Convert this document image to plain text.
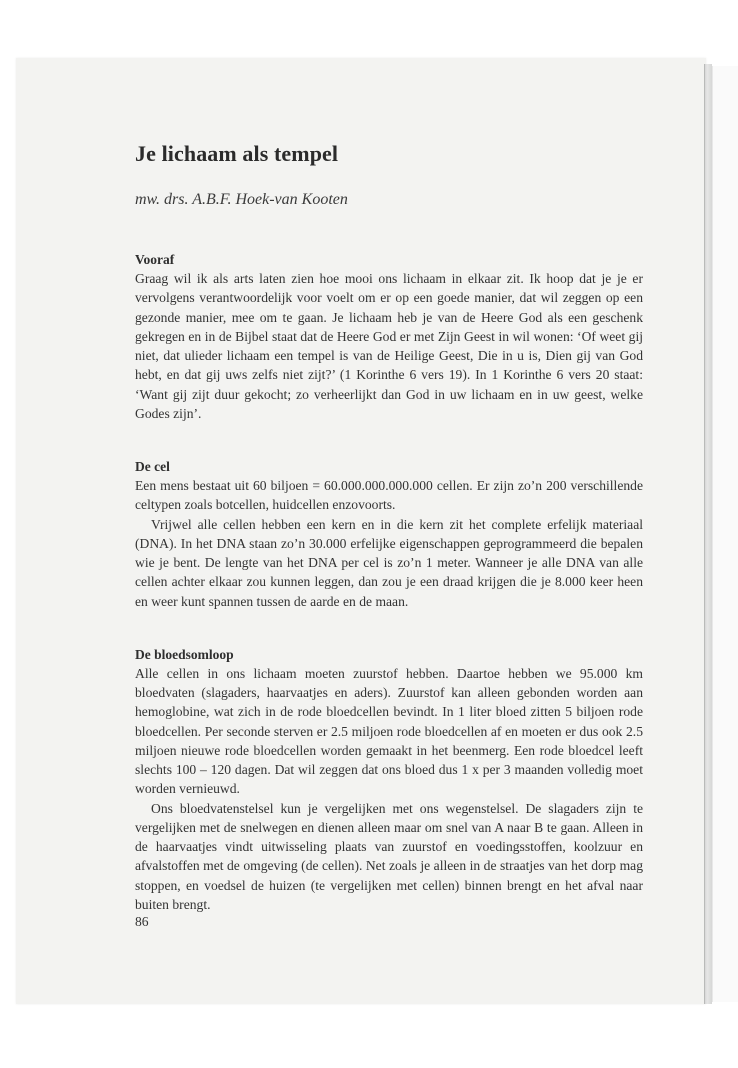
Je lichaam als tempel

mw. drs. A.B.F. Hoek-van Kooten

Vooraf

Graag wil ik als arts laten zien hoe mooi ons lichaam in elkaar zit. Ik hoop dat je je er vervolgens verantwoordelijk voor voelt om er op een goede manier, dat wil zeggen op een gezonde manier, mee om te gaan. Je lichaam heb je van de Heere God als een geschenk gekregen en in de Bijbel staat dat de Heere God er met Zijn Geest in wil wonen: ‘Of weet gij niet, dat ulieder lichaam een tempel is van de Heilige Geest, Die in u is, Dien gij van God hebt, en dat gij uws zelfs niet zijt?’ (1 Korinthe 6 vers 19). In 1 Korinthe 6 vers 20 staat: ‘Want gij zijt duur gekocht; zo verheerlijkt dan God in uw lichaam en in uw geest, welke Godes zijn’.

De cel

Een mens bestaat uit 60 biljoen = 60.000.000.000.000 cellen. Er zijn zo’n 200 verschillende celtypen zoals botcellen, huidcellen enzovoorts.

Vrijwel alle cellen hebben een kern en in die kern zit het complete erfelijk materiaal (DNA). In het DNA staan zo’n 30.000 erfelijke eigenschappen geprogrammeerd die bepalen wie je bent. De lengte van het DNA per cel is zo’n 1 meter. Wanneer je alle DNA van alle cellen achter elkaar zou kunnen leggen, dan zou je een draad krijgen die je 8.000 keer heen en weer kunt spannen tussen de aarde en de maan.

De bloedsomloop

Alle cellen in ons lichaam moeten zuurstof hebben. Daartoe hebben we 95.000 km bloedvaten (slagaders, haarvaatjes en aders). Zuurstof kan alleen gebonden worden aan hemoglobine, wat zich in de rode bloedcellen bevindt. In 1 liter bloed zitten 5 biljoen rode bloedcellen. Per seconde sterven er 2.5 miljoen rode bloedcellen af en moeten er dus ook 2.5 miljoen nieuwe rode bloedcellen worden gemaakt in het beenmerg. Een rode bloedcel leeft slechts 100 – 120 dagen. Dat wil zeggen dat ons bloed dus 1 x per 3 maanden volledig moet worden vernieuwd.

Ons bloedvatenstelsel kun je vergelijken met ons wegenstelsel. De slagaders zijn te vergelijken met de snelwegen en dienen alleen maar om snel van A naar B te gaan. Alleen in de haarvaatjes vindt uitwisseling plaats van zuurstof en voedingsstoffen, koolzuur en afvalstoffen met de omgeving (de cellen). Net zoals je alleen in de straatjes van het dorp mag stoppen, en voedsel de huizen (te vergelijken met cellen) binnen brengt en het afval naar buiten brengt.

86
